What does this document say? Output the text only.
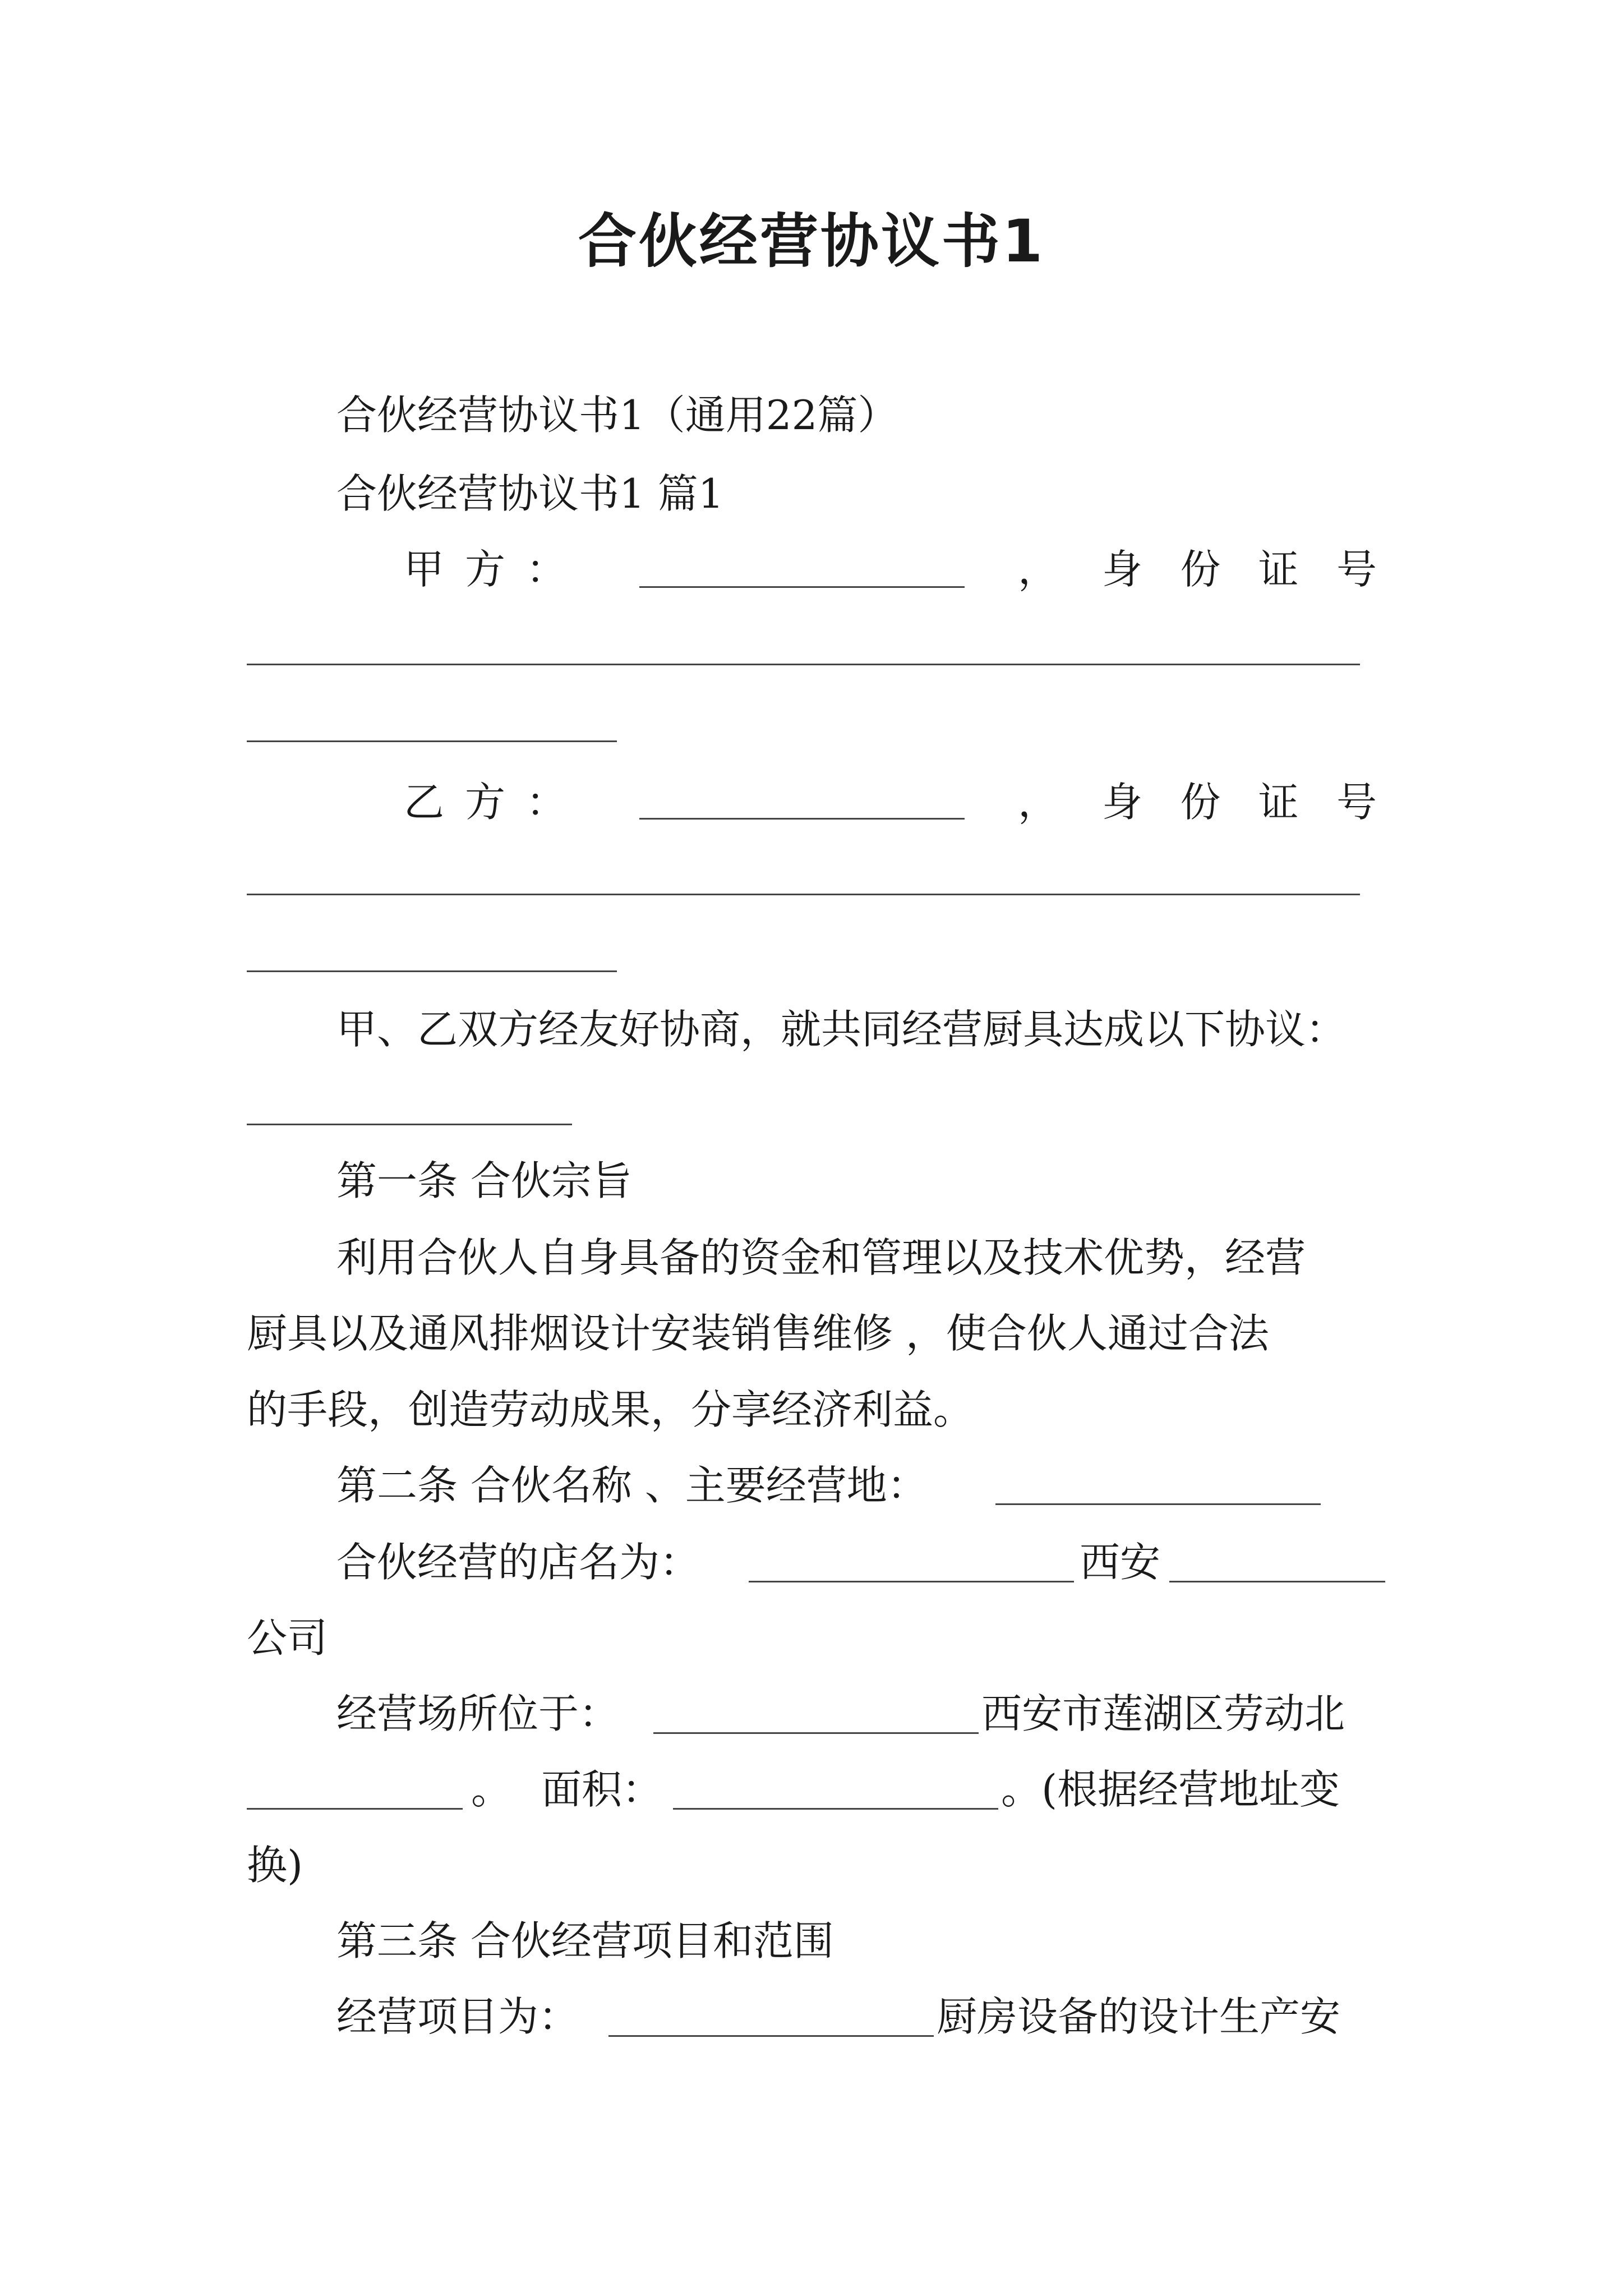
合伙经营协议书1
合伙经营协议书1（通用22篇）
合伙经营协议书1 篇1
甲 方 ：	， 身 份 证 号
乙 方 ：	， 身 份 证 号
甲、乙双方经友好协商，就共同经营厨具达成以下协议：
第一条 合伙宗旨
利用合伙人自身具备的资金和管理以及技术优势，经营
厨具以及通风排烟设计安装销售维修 ，使合伙人通过合法
的手段，创造劳动成果，分享经济利益。
第二条 合伙名称 、主要经营地：
合伙经营的店名为：	西安
公司
经营场所位于：	西安市莲湖区劳动北
。 面积：	。(根据经营地址变
换)
第三条 合伙经营项目和范围
经营项目为：	厨房设备的设计生产安
